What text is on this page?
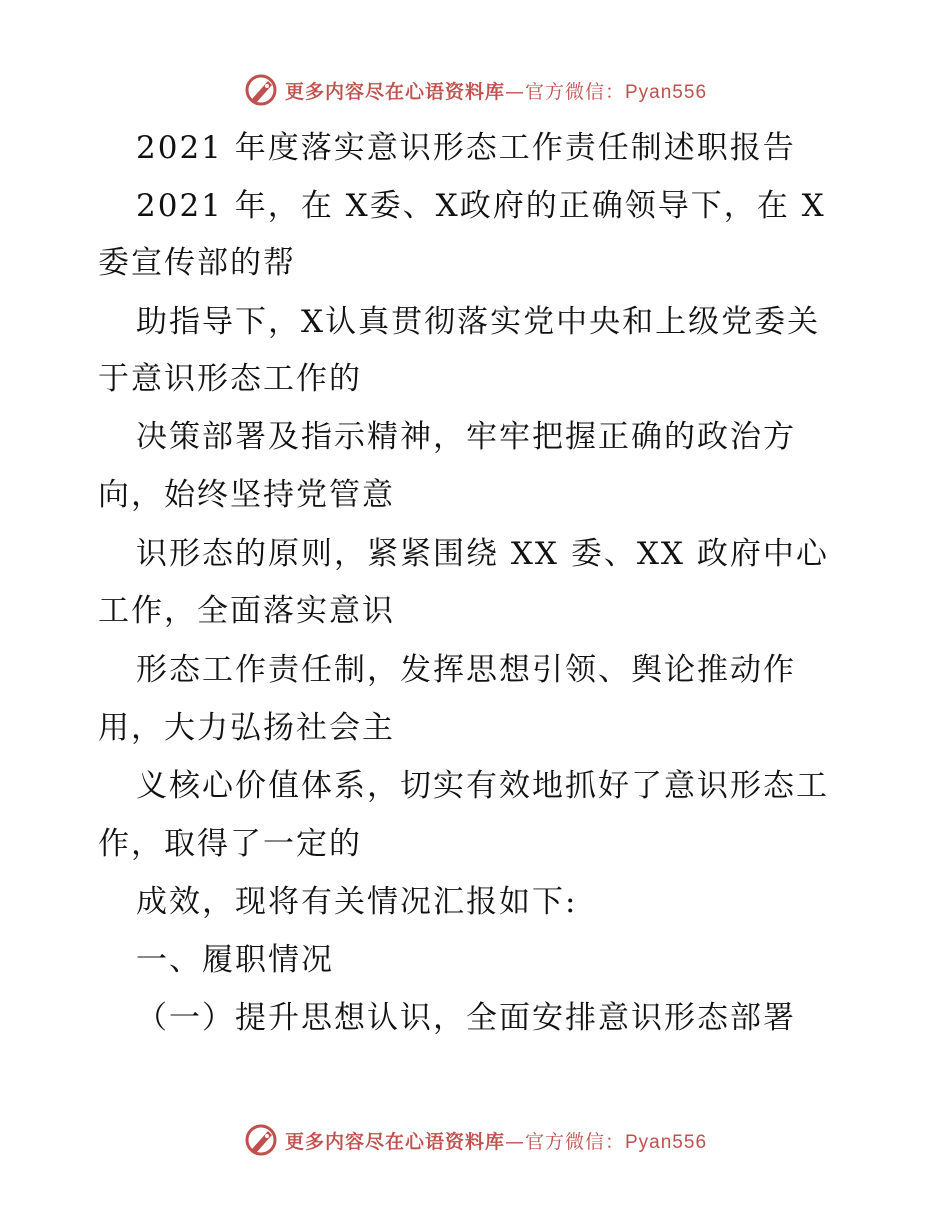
更多内容尽在心语资料库—官方微信：Pyan556
2021 年度落实意识形态工作责任制述职报告
2021 年，在 X委、X政府的正确领导下，在 X
委宣传部的帮
助指导下，X认真贯彻落实党中央和上级党委关
于意识形态工作的
决策部署及指示精神，牢牢把握正确的政治方
向，始终坚持党管意
识形态的原则，紧紧围绕 XX 委、XX 政府中心
工作，全面落实意识
形态工作责任制，发挥思想引领、舆论推动作
用，大力弘扬社会主
义核心价值体系，切实有效地抓好了意识形态工
作，取得了一定的
成效，现将有关情况汇报如下:
一、履职情况
（一）提升思想认识，全面安排意识形态部署
更多内容尽在心语资料库—官方微信：Pyan556
